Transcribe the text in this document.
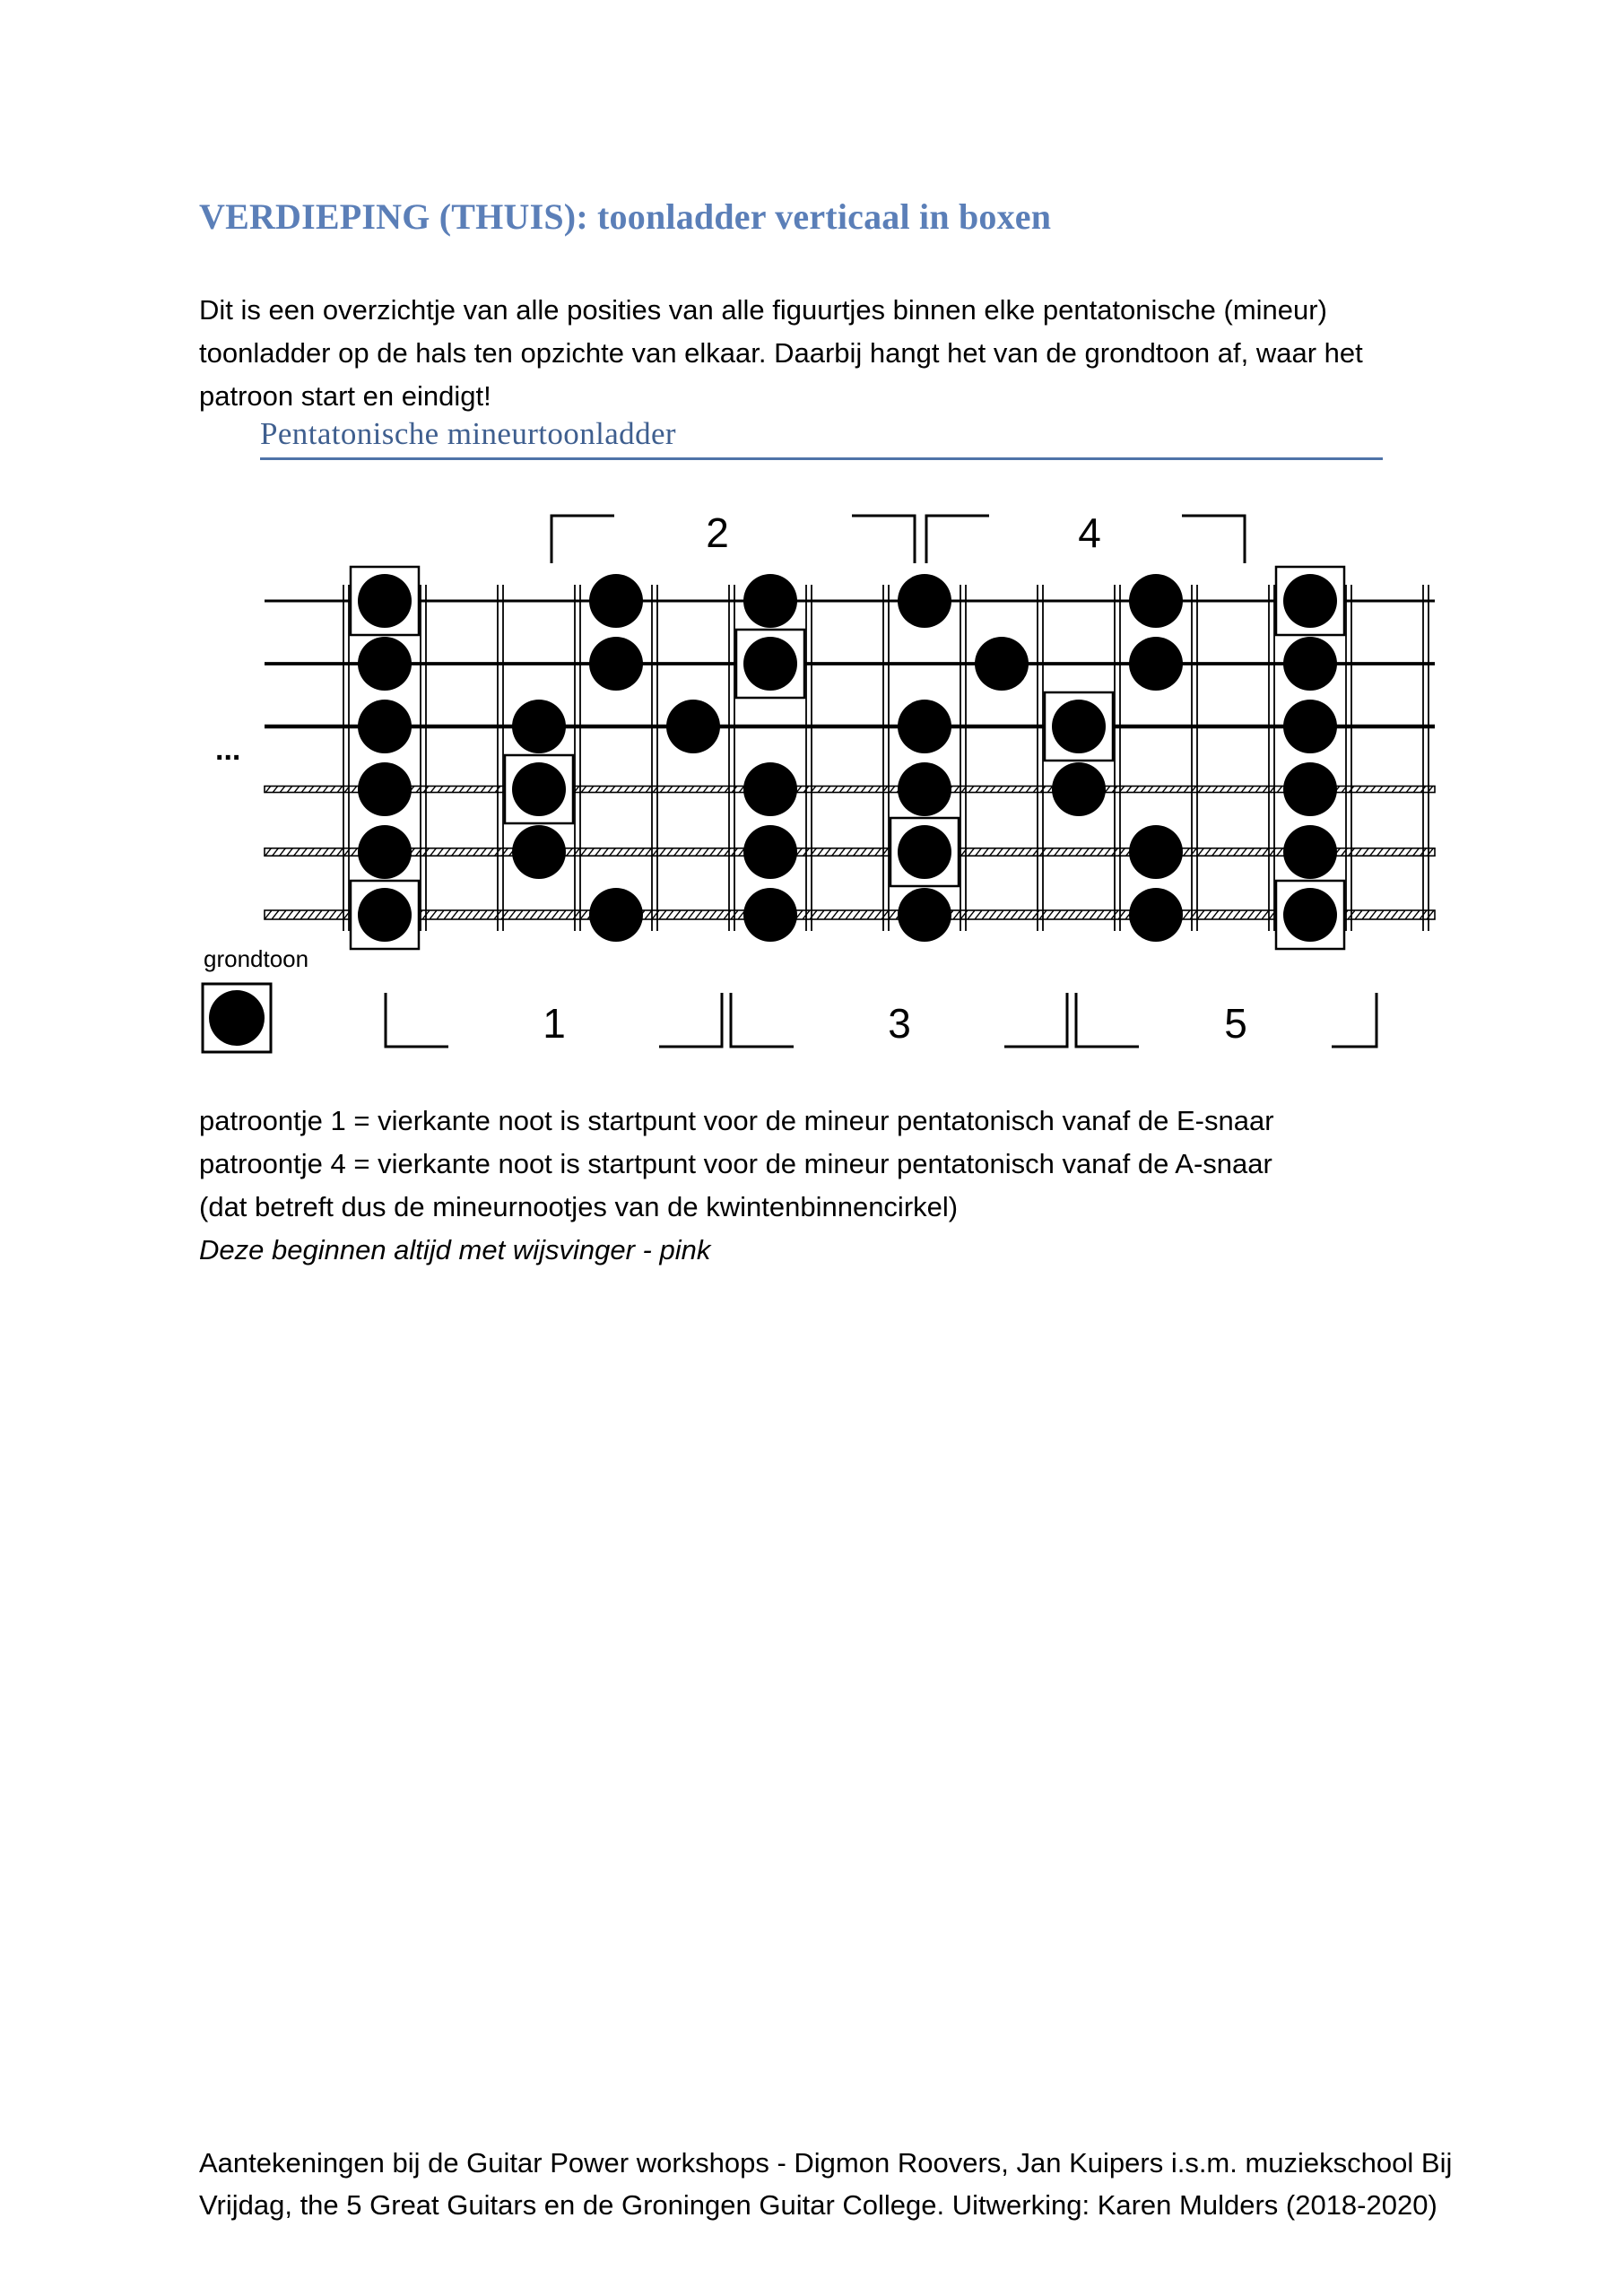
VERDIEPING (THUIS): toonladder verticaal in boxen

Dit is een overzichtje van alle posities van alle figuurtjes binnen elke pentatonische (mineur)

toonladder op de hals ten opzichte van elkaar. Daarbij hangt het van de grondtoon af, waar het

patroon start en eindigt!

Pentatonische mineurtoonladder
...
grondtoon
2	4
1	3	5

patroontje 1 = vierkante noot is startpunt voor de mineur pentatonisch vanaf de E-snaar

patroontje 4 = vierkante noot is startpunt voor de mineur pentatonisch vanaf de A-snaar

(dat betreft dus de mineurnootjes van de kwintenbinnencirkel)

Deze beginnen altijd met wijsvinger - pink

Aantekeningen bij de Guitar Power workshops - Digmon Roovers, Jan Kuipers i.s.m. muziekschool Bij

Vrijdag, the 5 Great Guitars en de Groningen Guitar College. Uitwerking: Karen Mulders (2018-2020)
